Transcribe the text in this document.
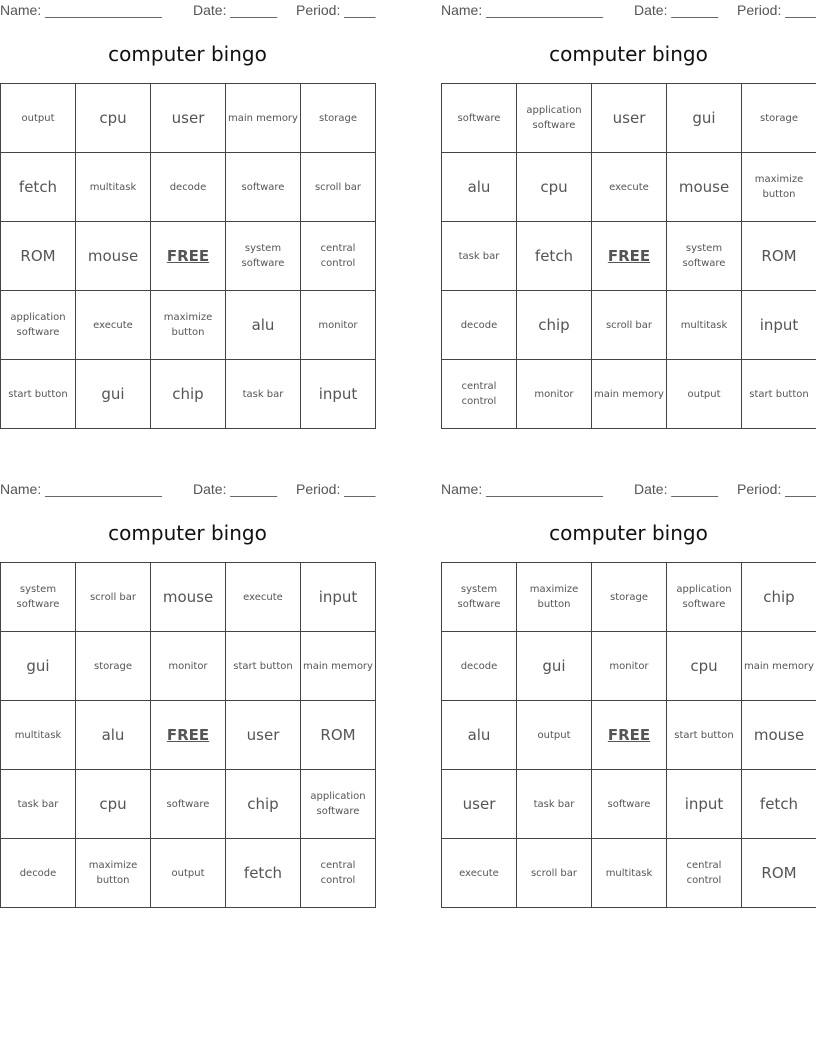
Name: _______________ Date: ______ Period: ____
computer bingo
output	cpu	user	main memory	storage
fetch	multitask	decode	software	scroll bar
ROM	mouse	FREE	system software	central control
application software	execute	maximize button	alu	monitor
start button	gui	chip	task bar	input
Name: _______________ Date: ______ Period: ____
computer bingo
software	application software	user	gui	storage
alu	cpu	execute	mouse	maximize button
task bar	fetch	FREE	system software	ROM
decode	chip	scroll bar	multitask	input
central control	monitor	main memory	output	start button
Name: _______________ Date: ______ Period: ____
computer bingo
system software	scroll bar	mouse	execute	input
gui	storage	monitor	start button	main memory
multitask	alu	FREE	user	ROM
task bar	cpu	software	chip	application software
decode	maximize button	output	fetch	central control
Name: _______________ Date: ______ Period: ____
computer bingo
system software	maximize button	storage	application software	chip
decode	gui	monitor	cpu	main memory
alu	output	FREE	start button	mouse
user	task bar	software	input	fetch
execute	scroll bar	multitask	central control	ROM
